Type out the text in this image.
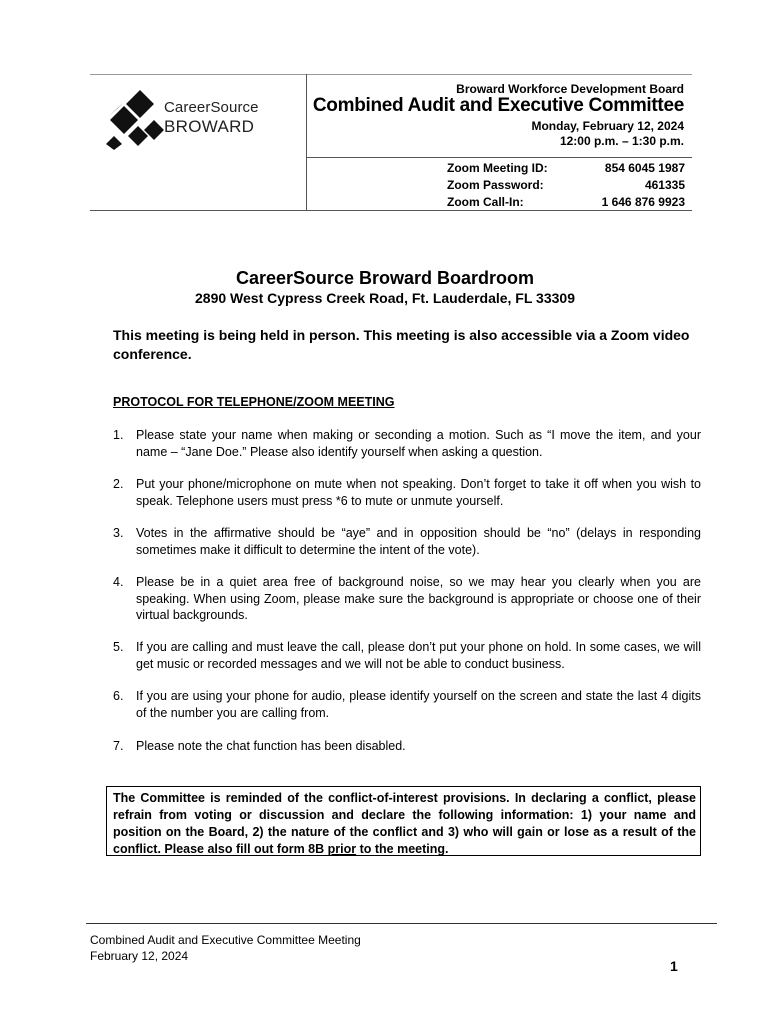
CareerSource
BROWARD
Broward Workforce Development Board
Combined Audit and Executive Committee
Monday, February 12, 2024
12:00 p.m. – 1:30 p.m.
Zoom Meeting ID:	854 6045 1987
Zoom Password:	461335
Zoom Call-In:	1 646 876 9923
CareerSource Broward Boardroom
2890 West Cypress Creek Road, Ft. Lauderdale, FL 33309
This meeting is being held in person. This meeting is also accessible via a Zoom video conference.
PROTOCOL FOR TELEPHONE/ZOOM MEETING
1. Please state your name when making or seconding a motion. Such as “I move the item, and your name – “Jane Doe.” Please also identify yourself when asking a question.
2. Put your phone/microphone on mute when not speaking. Don’t forget to take it off when you wish to speak. Telephone users must press *6 to mute or unmute yourself.
3. Votes in the affirmative should be “aye” and in opposition should be “no” (delays in responding sometimes make it difficult to determine the intent of the vote).
4. Please be in a quiet area free of background noise, so we may hear you clearly when you are speaking. When using Zoom, please make sure the background is appropriate or choose one of their virtual backgrounds.
5. If you are calling and must leave the call, please don’t put your phone on hold. In some cases, we will get music or recorded messages and we will not be able to conduct business.
6. If you are using your phone for audio, please identify yourself on the screen and state the last 4 digits of the number you are calling from.
7. Please note the chat function has been disabled.
The Committee is reminded of the conflict-of-interest provisions. In declaring a conflict, please refrain from voting or discussion and declare the following information: 1) your name and position on the Board, 2) the nature of the conflict and 3) who will gain or lose as a result of the conflict. Please also fill out form 8B prior to the meeting.
Combined Audit and Executive Committee Meeting
February 12, 2024
1
